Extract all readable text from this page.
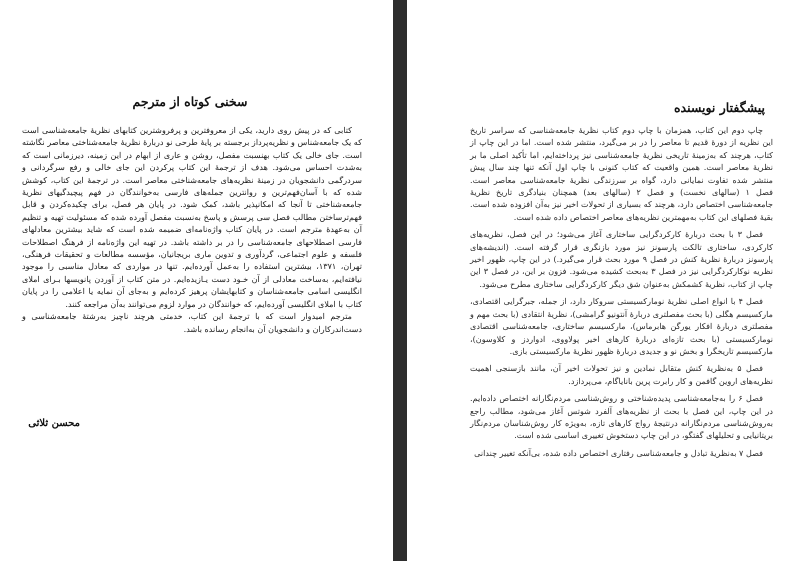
سخنی کوتاه از مترجم

کتابی که در پیش روی دارید، یکی از معروفترین و پرفروشترین کتابهای نظریهٔ جامعه‌شناسی است که یک جامعه‌شناس و نظریه‌پرداز برجسته بر پایهٔ طرحی نو دربارهٔ نظریهٔ جامعه‌شناختی معاصر نگاشته است. جای خالی یک کتاب بهنسبت مفصل، روشن و عاری از ابهام در این زمینه، دیرزمانی است که به‌شدت احساس می‌شود. هدف از ترجمهٔ این کتاب پرکردن این جای خالی و رفع سرگردانی و سردرگمی دانشجویان در زمینهٔ نظریه‌های جامعه‌شناختی معاصر است. در ترجمهٔ این کتاب، کوشش شده که با آسان‌فهم‌ترین و روانترین جمله‌های فارسی به‌خوانندگان در فهم پیچیدگیهای نظریهٔ جامعه‌شناختی تا آنجا که امکانپذیر باشد، کمک شود. در پایان هر فصل، برای چکیده‌کردن و قابل فهم‌ترساختن مطالب فصل سی پرسش و پاسخ به‌نسبت مفصل آورده شده که مسئولیت تهیه و تنظیم آن به‌عهدهٔ مترجم است. در پایان کتاب واژه‌نامه‌ای ضمیمه شده است که شاید بیشترین معادلهای فارسی اصطلاحهای جامعه‌شناسی را در بر داشته باشد. در تهیه این واژه‌نامه از فرهنگ اصطلاحات فلسفه و علوم اجتماعی، گردآوری و تدوین ماری بریجانیان، مؤسسه مطالعات و تحقیقات فرهنگی، تهران، ۱۳۷۱، بیشترین استفاده را به‌عمل آورده‌ایم. تنها در مواردی که معادل مناسبی را موجود نیافته‌ایم، به‌ساخت معادلی از آن خـود دست یـازیده‌ایم. در متن کتاب از آوردن پانویسها بـرای املای انگلیسی اسامی جامعه‌شناسان و کتابهایشان پرهیز کرده‌ایم و به‌جای آن نمایه یا اعلامی را در پایان کتاب با املای انگلیسی آورده‌ایم، که خوانندگان در موارد لزوم می‌توانند به‌آن مراجعه کنند.

مترجم امیدوار است که با ترجمهٔ این کتاب، خدمتی هرچند ناچیز به‌رشتهٔ جامعه‌شناسی و دست‌اندرکاران و دانشجویان آن به‌انجام رسانده باشد.

محسن ثلاثی
پیشگفتار نویسنده

چاپ دوم این کتاب، همزمان با چاپ دوم کتاب نظریهٔ جامعه‌شناسی که سراسر تاریخ این نظریه از دورهٔ قدیم تا معاصر را در بر می‌گیرد، منتشر شده است. اما در این چاپ از کتاب، هرچند که به‌زمینهٔ تاریخی نظریهٔ جامعه‌شناسی نیز پرداخته‌ایم، اما تأکید اصلی ما بر نظریهٔ معاصر است. همین واقعیت که کتاب کنونی با چاپ اول آنکه تنها چند سال پیش منتشر شده تفاوت نمایانی دارد، گواه بر سرزندگی نظریهٔ جامعه‌شناسی معاصر است. فصل ۱ (سالهای نخست) و فصل ۲ (سالهای بعد) همچنان بنیادگری تاریخ نظریهٔ جامعه‌شناسی اختصاص دارد، هرچند که بسیاری از تحولات اخیر نیز به‌آن افزوده شده است. بقیهٔ فصلهای این کتاب به‌مهمترین نظریه‌های معاصر اختصاص داده شده است.

فصل ۳ با بحث دربارهٔ کارکردگرایی ساختاری آغاز می‌شود؛ در این فصل، نظریه‌های کارکردی، ساختاری تالکت پارسونز نیز مورد بازنگری قرار گرفته است. (اندیشه‌های پارسونز دربارهٔ نظریهٔ کنش در فصل ۹ مورد بحث قرار می‌گیرد.) در این چاپ، ظهور اخیر نظریه نوکارکردگرایی نیز در فصل ۳ به‌بحث کشیده می‌شود. فزون بر این، در فصل ۳ این چاپ از کتاب، نظریهٔ کشمکش به‌عنوان شق دیگر کارکردگرایی ساختاری مطرح می‌شود.

فصل ۴ با انواع اصلی نظریهٔ نومارکسیستی سروکار دارد، از جمله، جبرگرایی اقتصادی، مارکسیسم هگلی (با بحث مفصلتری دربارهٔ آنتونیو گرامشی)، نظریهٔ انتقادی (با بحث مهم و مفصلتری دربارهٔ افکار یورگن هابرماس)، مارکسیسم ساختاری، جامعه‌شناسی اقتصادی نومارکسیستی (با بحث تازه‌ای دربارهٔ کارهای اخیر پولاووی، ادواردز و کلاوسون)، مارکسیسم تاریخگرا و بخش نو و جدیدی دربارهٔ ظهور نظریهٔ مارکسیستی بازی.

فصل ۵ به‌نظریهٔ کنش متقابل نمادین و نیز تحولات اخیر آن، مانند بازسنجی اهمیت نظریه‌های اروین گافمن و کار رابرت پرین بانایاگام، می‌پردازد.

فصل ۶ را به‌جامعه‌شناسی پدیده‌شناختی و روش‌شناسی مردم‌نگارانه اختصاص داده‌ایم. در این چاپ، این فصل با بحث از نظریه‌های آلفرد شوتس آغاز می‌شود، مطالب راجع به‌روش‌شناسی مردم‌نگارانه درنتیجهٔ رواج کارهای تازه، به‌ویژه کار روش‌شناسان مردم‌نگار بریتانیایی و تحلیلهای گفتگو، در این چاپ دستخوش تغییری اساسی شده است.

فصل ۷ به‌نظریهٔ تبادل و جامعه‌شناسی رفتاری اختصاص داده شده، بی‌آنکه تغییر چندانی
